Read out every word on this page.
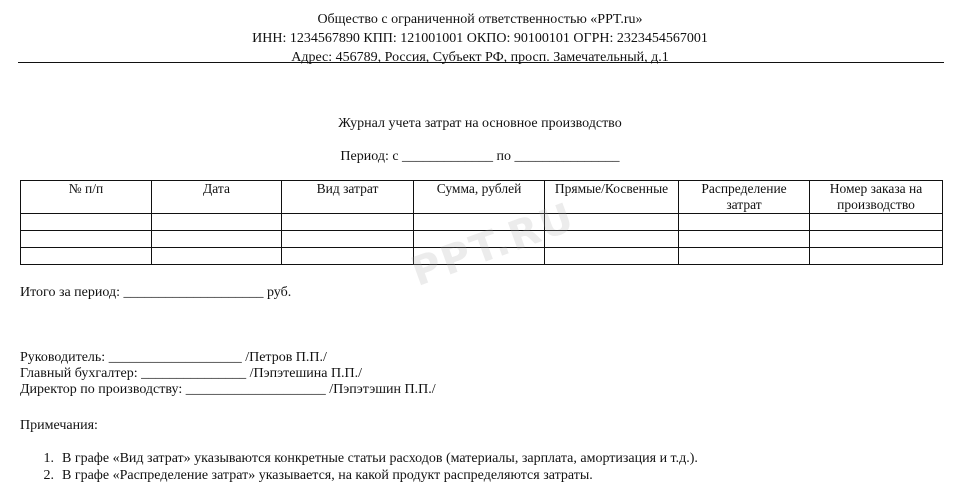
Общество с ограниченной ответственностью «PPT.ru»
ИНН: 1234567890 КПП: 121001001 ОКПО: 90100101 ОГРН: 2323454567001
Адрес: 456789, Россия, Субъект РФ, просп. Замечательный, д.1
Журнал учета затрат на основное производство
Период: с _____________ по _______________
№ п/п	Дата	Вид затрат	Сумма, рублей	Прямые/Косвенные	Распределение затрат	Номер заказа на производство

PPT.RU
Итого за период: ____________________ руб.
Руководитель: ___________________ /Петров П.П./
Главный бухгалтер: _______________ /Пэпэтешина П.П./
Директор по производству: ____________________ /Пэпэтэшин П.П./
Примечания:
1. В графе «Вид затрат» указываются конкретные статьи расходов (материалы, зарплата, амортизация и т.д.).
2. В графе «Распределение затрат» указывается, на какой продукт распределяются затраты.
